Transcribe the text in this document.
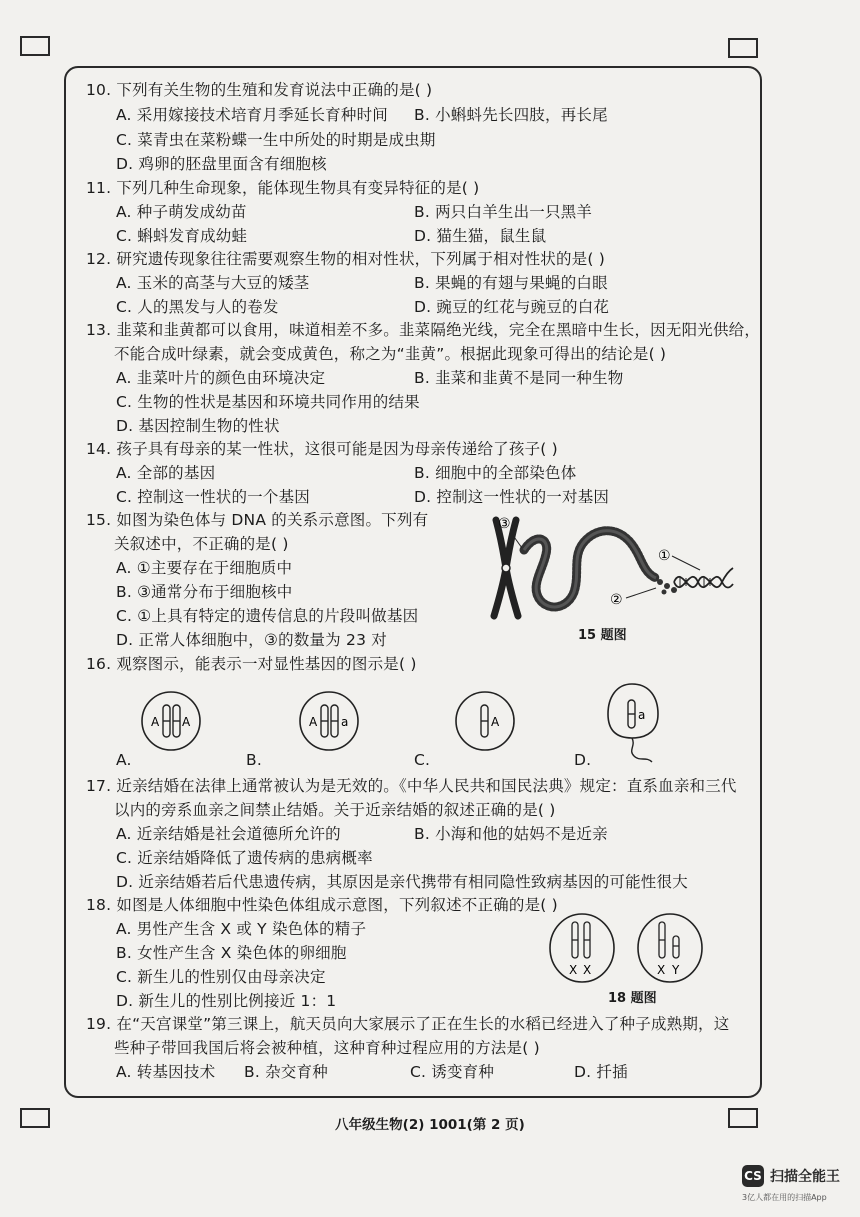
10. 下列有关生物的生殖和发育说法中正确的是( )
A. 采用嫁接技术培育月季延长育种时间 B. 小蝌蚪先长四肢，再长尾
C. 菜青虫在菜粉蝶一生中所处的时期是成虫期
D. 鸡卵的胚盘里面含有细胞核
11. 下列几种生命现象，能体现生物具有变异特征的是( )
A. 种子萌发成幼苗	B. 两只白羊生出一只黑羊
C. 蝌蚪发育成幼蛙	D. 猫生猫，鼠生鼠
12. 研究遗传现象往往需要观察生物的相对性状，下列属于相对性状的是( )
A. 玉米的高茎与大豆的矮茎	B. 果蝇的有翅与果蝇的白眼
C. 人的黑发与人的卷发	D. 豌豆的红花与豌豆的白花
13. 韭菜和韭黄都可以食用，味道相差不多。韭菜隔绝光线，完全在黑暗中生长，因无阳光供给，
不能合成叶绿素，就会变成黄色，称之为“韭黄”。根据此现象可得出的结论是( )
A. 韭菜叶片的颜色由环境决定	B. 韭菜和韭黄不是同一种生物
C. 生物的性状是基因和环境共同作用的结果
D. 基因控制生物的性状
14. 孩子具有母亲的某一性状，这很可能是因为母亲传递给了孩子( )
A. 全部的基因	B. 细胞中的全部染色体
C. 控制这一性状的一个基因	D. 控制这一性状的一对基因
15. 如图为染色体与 DNA 的关系示意图。下列有
关叙述中，不正确的是( )
A. ①主要存在于细胞质中
B. ③通常分布于细胞核中
C. ①上具有特定的遗传信息的片段叫做基因
D. 正常人体细胞中，③的数量为 23 对
①
②
③
15 题图
16. 观察图示，能表示一对显性基因的图示是( )
A A	A a	A	a
A.	B.	C.	D.
17. 近亲结婚在法律上通常被认为是无效的。《中华人民共和国民法典》规定：直系血亲和三代
以内的旁系血亲之间禁止结婚。关于近亲结婚的叙述正确的是( )
A. 近亲结婚是社会道德所允许的	B. 小海和他的姑妈不是近亲
C. 近亲结婚降低了遗传病的患病概率
D. 近亲结婚若后代患遗传病，其原因是亲代携带有相同隐性致病基因的可能性很大
18. 如图是人体细胞中性染色体组成示意图，下列叙述不正确的是( )
A. 男性产生含 X 或 Y 染色体的精子
B. 女性产生含 X 染色体的卵细胞
C. 新生儿的性别仅由母亲决定
D. 新生儿的性别比例接近 1：1
X X	X Y
18 题图
19. 在“天宫课堂”第三课上，航天员向大家展示了正在生长的水稻已经进入了种子成熟期，这
些种子带回我国后将会被种植，这种育种过程应用的方法是( )
A. 转基因技术 B. 杂交育种	C. 诱变育种	D. 扦插
八年级生物(2) 1001(第 2 页)
CS 扫描全能王
3亿人都在用的扫描App
